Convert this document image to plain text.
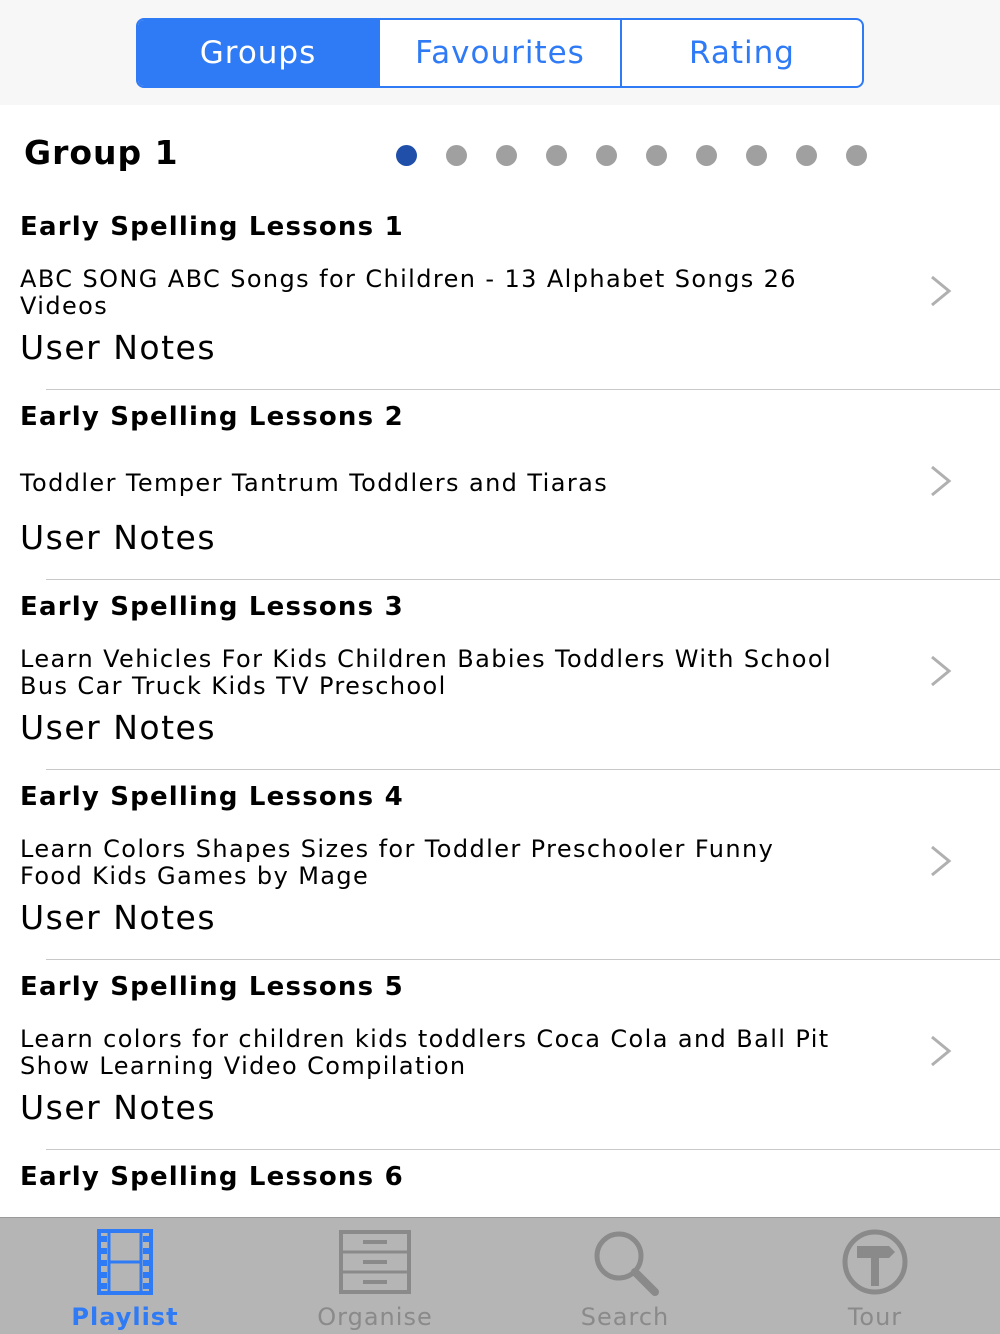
Groups	Favourites	Rating
Group 1
Early Spelling Lessons 1
ABC SONG ABC Songs for Children - 13 Alphabet Songs 26 Videos
User Notes
Early Spelling Lessons 2
Toddler Temper Tantrum Toddlers and Tiaras
User Notes
Early Spelling Lessons 3
Learn Vehicles For Kids Children Babies Toddlers With School Bus Car Truck Kids TV Preschool
User Notes
Early Spelling Lessons 4
Learn Colors Shapes Sizes for Toddler Preschooler Funny Food Kids Games by Mage
User Notes
Early Spelling Lessons 5
Learn colors for children kids toddlers Coca Cola and Ball Pit Show Learning Video Compilation
User Notes
Early Spelling Lessons 6
Playlist	Organise	Search	Tour
